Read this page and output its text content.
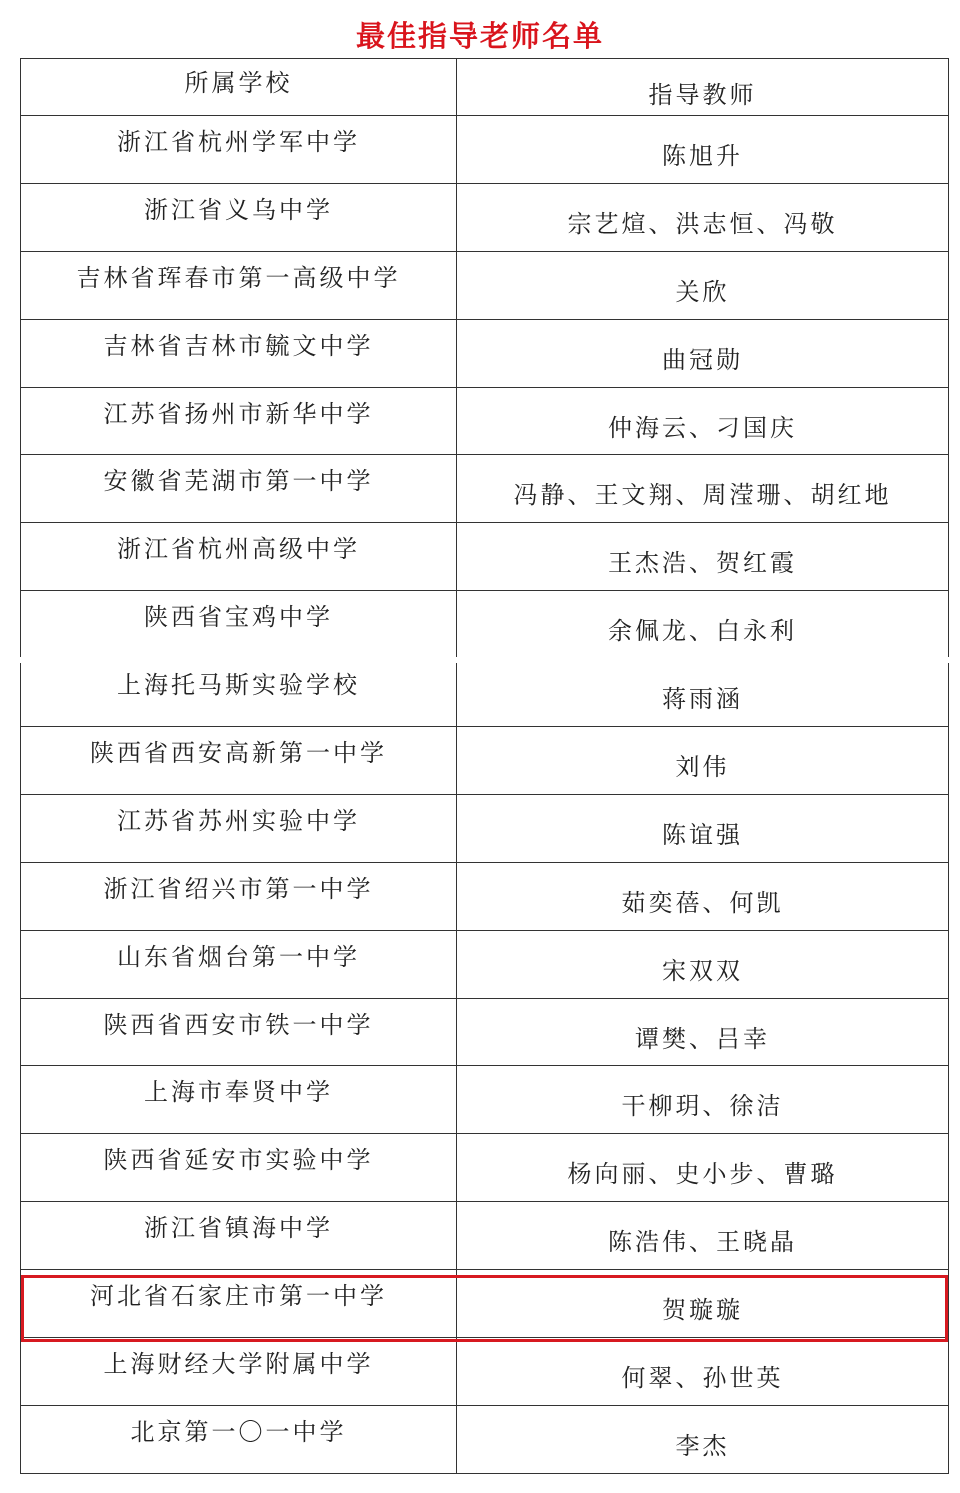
最佳指导老师名单
所属学校	指导教师
浙江省杭州学军中学	陈旭升
浙江省义乌中学	宗艺煊、洪志恒、冯敬
吉林省珲春市第一高级中学	关欣
吉林省吉林市毓文中学	曲冠勋
江苏省扬州市新华中学	仲海云、刁国庆
安徽省芜湖市第一中学	冯静、王文翔、周滢珊、胡红地
浙江省杭州高级中学	王杰浩、贺红霞
陕西省宝鸡中学	余佩龙、白永利
上海托马斯实验学校	蒋雨涵
陕西省西安高新第一中学	刘伟
江苏省苏州实验中学	陈谊强
浙江省绍兴市第一中学	茹奕蓓、何凯
山东省烟台第一中学	宋双双
陕西省西安市铁一中学	谭樊、吕幸
上海市奉贤中学	干柳玥、徐洁
陕西省延安市实验中学	杨向丽、史小步、曹璐
浙江省镇海中学	陈浩伟、王晓晶
河北省石家庄市第一中学	贺璇璇
上海财经大学附属中学	何翠、孙世英
北京第一〇一中学	李杰
